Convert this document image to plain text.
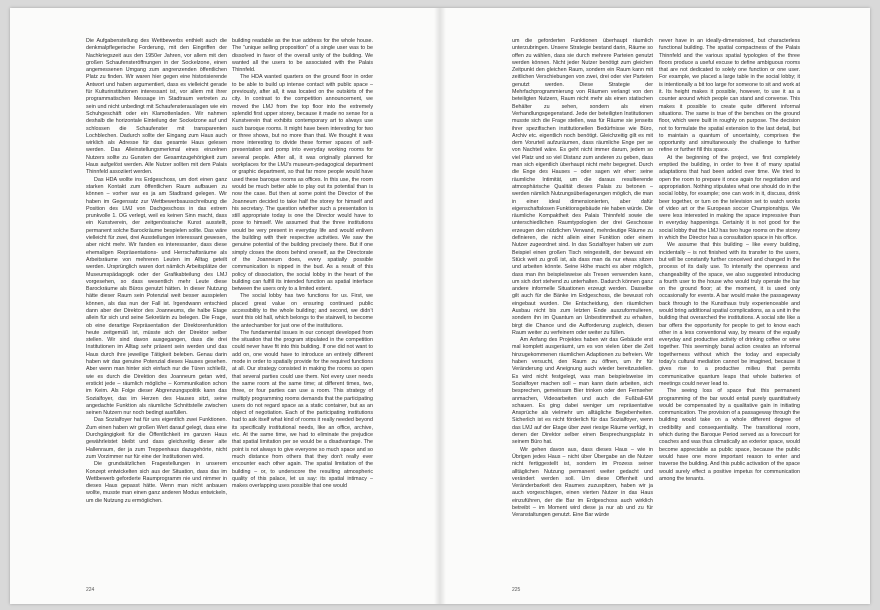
Die Aufgabenstellung des Wettbewerbs enthielt auch die denkmalpflegerische Forderung, mit den Eingriffen der Nachkriegszeit aus den 1950er Jahren, vor allem mit den großen Schaufensteröffnungen in der Sockelzone, einen angemessenen Umgang zum angrenzenden öffentlichen Platz zu finden. Wir waren hier gegen eine historisierende Antwort und haben argumentiert, dass es vielleicht gerade für Kulturinstitutionen interessant ist, vor allem mit ihrer programmatischen Message im Stadtraum vertreten zu sein und nicht unbedingt mit Schaufensterauslagen wie ein Schuhgeschäft oder ein Klamottenladen. Wir nahmen deshalb die horizontale Einteilung der Sockelzone auf und schlossen die Schaufenster mit transparenten Lochblechen. Dadurch sollte der Eingang zum Haus auch wirklich als Adresse für das gesamte Haus gelesen werden. Das Alleinstellungsmerkmal eines einzelnen Nutzers sollte zu Gunsten der Gesamtzugehörigkeit zum Haus aufgelöst werden. Alle Nutzer sollten mit dem Palais Thinnfeld assoziiert werden.

Das HDA wollte ins Erdgeschoss, um dort einen ganz starken Kontakt zum öffentlichen Raum aufbauen zu können – vorher war es ja am Stadtrand gelegen. Wir haben im Gegensatz zur Wettbewerbsausschreibung die Position des LMJ von Dachgeschoss in das extrem prunkvolle 1. OG verlegt, weil es keinen Sinn macht, dass ein Kunstverein, der zeitgenössische Kunst ausstellt, permanent solche Barockräume bespielen sollte. Das wäre vielleicht für zwei, drei Ausstellungen interessant gewesen, aber nicht mehr. Wir fanden es interessanter, dass diese ehemaligen Repräsentations- und Herrschaftsräume als Arbeitsräume von mehreren Leuten im Alltag geteilt werden. Ursprünglich waren dort nämlich Arbeitsplätze der Museumspädagogik oder der Grafikabteilung des LMJ vorgesehen, so dass wesentlich mehr Leute diese Barockräume als Büros genutzt hätten. In dieser Nutzung hätte dieser Raum sein Potenzial weit besser ausspielen können, als das nun der Fall ist. Irgendwann entschied dann aber der Direktor des Joanneums, die halbe Etage allein für sich und seine Sekretärin zu belegen. Die Frage, ob eine derartige Repräsentation der Direktorenfunktion heute zeitgemäß ist, müsste sich der Direktor selber stellen. Wir sind davon ausgegangen, dass die drei Institutionen im Alltag sehr präsent sein werden und das Haus durch ihre jeweilige Tätigkeit beleben. Genau darin haben wir das genuine Potenzial dieses Hauses gesehen. Aber wenn man hinter sich einfach nur die Türen schließt, wie es durch die Direktion des Joanneum getan wird, erstickt jede – räumlich mögliche – Kommunikation schon im Keim. Als Folge dieser Abgrenzungspolitik kann das Sozialfoyer, das im Herzen des Hauses sitzt, seine angedachte Funktion als räumliche Schnittstelle zwischen seinen Nutzern nur noch bedingt ausfüllen.

Das Sozialfoyer hat für uns eigentlich zwei Funktionen. Zum einen haben wir großen Wert darauf gelegt, dass eine Durchgängigkeit für die Öffentlichkeit im ganzen Haus gewährleistet bleibt und dass gleichzeitig dieser alte Hallenraum, der ja zum Treppenhaus dazugehörte, nicht zum Vorzimmer nur für eine der Institutionen wird.

Die grundsätzlichen Fragestellungen in unserem Konzept entwickelten sich aus der Situation, dass das im Wettbewerb geforderte Raumprogramm nie und nimmer in dieses Haus gepasst hätte. Wenn man nicht anbauen wollte, musste man einen ganz anderen Modus entwickeln, um die Nutzung zu ermöglichen.

building readable as the true address for the whole house. The “unique selling proposition” of a single user was to be dissolved in favor of the overall unity of the building. We wanted all the users to be associated with the Palais Thinnfeld.

The HDA wanted quarters on the ground floor in order to be able to build up intense contact with public space – previously, after all, it was located on the outskirts of the city. In contrast to the competition announcement, we moved the LMJ from the top floor into the extremely splendid first upper storey, because it made no sense for a Kunstverein that exhibits contemporary art to always use such baroque rooms. It might have been interesting for two or three shows, but no more than that. We thought it was more interesting to divide these former spaces of self-presentation and pomp into everyday working rooms for several people. After all, it was originally planned for workplaces for the LMJ’s museum-pedagogical department or graphic department, so that far more people would have used these baroque rooms as offices. In this use, the room would be much better able to play out its potential than is now the case. But then at some point the Director of the Joanneum decided to take half the storey for himself and his secretary. The question whether such a presentation is still appropriate today is one the Director would have to pose to himself. We assumed that the three institutions would be very present in everyday life and would enliven the building with their respective activities. We saw the genuine potential of the building precisely there. But if one simply closes the doors behind oneself, as the Directorate of the Joanneum does, every spatially possible communication is nipped in the bud. As a result of this policy of dissociation, the social lobby in the heart of the building can fulfill its intended function as spatial interface between the users only to a limited extent.

The social lobby has two functions for us. First, we placed great value on ensuring continued public accessibility to the whole building; and second, we didn’t want this old hall, which belongs to the stairwell, to become the antechamber for just one of the institutions.

The fundamental issues in our concept developed from the situation that the program stipulated in the competition could never have fit into this building. If one did not want to add on, one would have to introduce an entirely different mode in order to spatially provide for the required functions at all. Our strategy consisted in making the rooms so open that several parties could use them. Not every user needs the same room at the same time; at different times, two, three, or four parties can use a room. This strategy of multiply programming rooms demands that the participating users do not regard space as a static container, but as an object of negotiation. Each of the participating institutions had to ask itself what kind of rooms it really needed beyond its specifically institutional needs, like an office, archive, etc. At the same time, we had to eliminate the prejudice that spatial limitation per se would be a disadvantage. The point is not always to give everyone so much space and so much distance from others that they don’t really ever encounter each other again. The spatial limitation of the building – or, to underscore the resulting atmospheric quality of this palace, let us say: its spatial intimacy – makes overlapping uses possible that one would

224

um die geforderten Funktionen überhaupt räumlich unterzubringen. Unsere Strategie bestand darin, Räume so offen zu wählen, dass sie durch mehrere Parteien genutzt werden können. Nicht jeder Nutzer benötigt zum gleichen Zeitpunkt den gleichen Raum, sondern ein Raum kann mit zeitlichen Verschiebungen von zwei, drei oder vier Parteien genutzt werden. Diese Strategie der Mehrfachprogrammierung von Räumen verlangt von den beteiligten Nutzern, Raum nicht mehr als einen statischen Behälter zu sehen, sondern als einen Verhandlungsgegenstand. Jede der beteiligten Institutionen musste sich die Frage stellen, was für Räume sie jenseits ihrer spezifischen institutionellen Bedürfnisse wie Büro, Archiv etc. eigentlich noch benötigt. Gleichzeitig gilt es mit dem Vorurteil aufzuräumen, dass räumliche Enge per se von Nachteil wäre. Es geht nicht immer darum, jedem so viel Platz und so viel Distanz zum anderen zu geben, dass man sich eigentlich überhaupt nicht mehr begegnet. Durch die Enge des Hauses – oder sagen wir eher: seine räumliche Intimität, um die daraus resultierende atmosphärische Qualität dieses Palais zu betonen – werden nämlich Nutzungsüberlagerungen möglich, die man in einer ideal dimensionierten, aber dafür eigenschaftslosen Funktionsgebäude nie haben würde. Die räumliche Kompaktheit des Palais Thinnfeld sowie die unterschiedlichen Raumtypologien der drei Geschosse erzeugen den nützlichen Verwand, mehrdeutige Räume zu definieren, die nicht allein einer Funktion oder einem Nutzer zugeordnet sind. In das Sozialfoyer haben wir zum Beispiel einen großen Tisch reingestellt, der bewusst ein Stück weit zu groß ist, als dass man da nur etwas sitzen und arbeiten könnte. Seine Höhe macht es aber möglich, dass man ihn beispielsweise als Tresen verwenden kann, um sich dort stehend zu unterhalten. Dadurch können ganz andere informelle Situationen erzeugt werden. Dasselbe gilt auch für die Bänke im Erdgeschoss, die bewusst roh eingebaut wurden. Die Entscheidung, den räumlichen Ausbau nicht bis zum letzten Ende auszuformulieren, sondern ihn im Quantum an Unbestimmtheit zu erhalten, birgt die Chance und die Aufforderung zugleich, diesen Raum weiter zu verfeinern oder weiter zu füllen.

Am Anfang des Projektes haben wir das Gebäude erst mal komplett ausgeräumt, um es von vielen über die Zeit hinzugekommenen räumlichen Adaptionen zu befreien. Wir haben versucht, den Raum zu öffnen, um ihr für Veränderung und Aneignung auch wieder bereitzustellen. Es wird nicht festgelegt, was man beispielsweise im Sozialfoyer machen soll – man kann darin arbeiten, sich besprechen, gemeinsam Bier trinken oder den Fernseher anmachen, Videoarbeiten und auch die Fußball-EM schauen. Es ging dabei weniger um repräsentative Ansprüche als vielmehr um alltägliche Begebenheiten. Sicherlich ist es nicht förderlich für das Sozialfoyer, wenn das LMJ auf der Etage über zwei riesige Räume verfügt, in denen der Direktor selber einen Besprechungsplatz in seinem Büro hat.

Wir gehen davon aus, dass dieses Haus – wie in Übrigen jedes Haus – nicht über Übergabe an die Nutzer nicht fertiggestellt ist, sondern im Prozess seiner alltäglichen Nutzung permanent weiter gedacht und verändert werden soll. Um diese Offenheit und Veränderbarkeit des Raumes zuzuspitzen, haben wir ja auch vorgeschlagen, einen vierten Nutzer in das Haus einzuführen, der die Bar im Erdgeschoss auch wirklich betreibt – im Moment wird diese ja nur ab und zu für Veranstaltungen genutzt. Eine Bar würde

never have in an ideally-dimensioned, but characterless functional building. The spatial compactness of the Palais Thinnfeld and the various spatial typologies of the three floors produce a useful excuse to define ambiguous rooms that are not dedicated to solely one function or one user. For example, we placed a large table in the social lobby; it is intentionally a bit too large for someone to sit and work at it. Its height makes it possible, however, to use it as a counter around which people can stand and converse. This makes it possible to create quite different informal situations. The same is true of the benches on the ground floor, which were built in roughly on purpose. The decision not to formulate the spatial extension to the last detail, but to maintain a quantum of uncertainty, comprises the opportunity and simultaneously the challenge to further refine or further fill this space.

At the beginning of the project, we first completely emptied the building, in order to free it of many spatial adaptations that had been added over time. We tried to open the room to prepare it once again for negotiation and appropriation. Nothing stipulates what one should do in the social lobby, for example; one can work in it, discuss, drink beer together, or turn on the television set to watch works of video art or the European soccer Championships. We were less interested in making the space impressive than in everyday happenings. Certainly it is not good for the social lobby that the LMJ has two huge rooms on the storey in which the Director has a consultation space in his office.

We assume that this building – like every building, incidentally – is not finished with its transfer to the users, but will be constantly further conceived and changed in the process of its daily use. To intensify the openness and changeability of the space, we also suggested introducing a fourth user to the house who would truly operate the bar on the ground floor; at the moment, it is used only occasionally for events. A bar would make the passageway back through to the Kunsthaus truly experienceable and would bring additional spatial complications, as a unit in the building that overarched the institutions. A social site like a bar offers the opportunity for people to get to know each other in a less conventional way, by means of the equally everyday and productive activity of drinking coffee or wine together. This seemingly banal action creates an informal togetherness without which the today and especially today’s cultural mediation cannot be imagined, because it gives rise to a productive milieu that permits communicative quantum leaps that whole batteries of meetings could never lead to.

The seeing loss of space that this permanent programming of the bar would entail purely quantitatively would be compensated by a qualitative gain in initiating communication. The provision of a passageway through the building would take on a whole different degree of credibility and consequentiality. The transitional room, which during the Baroque Period served as a forecourt for coaches and was thus climatically an exterior space, would become appreciable as public space, because the public would have one more important reason to enter and traverse the building. And this public activation of the space would surely effect a positive impetus for communication among the tenants.

225
